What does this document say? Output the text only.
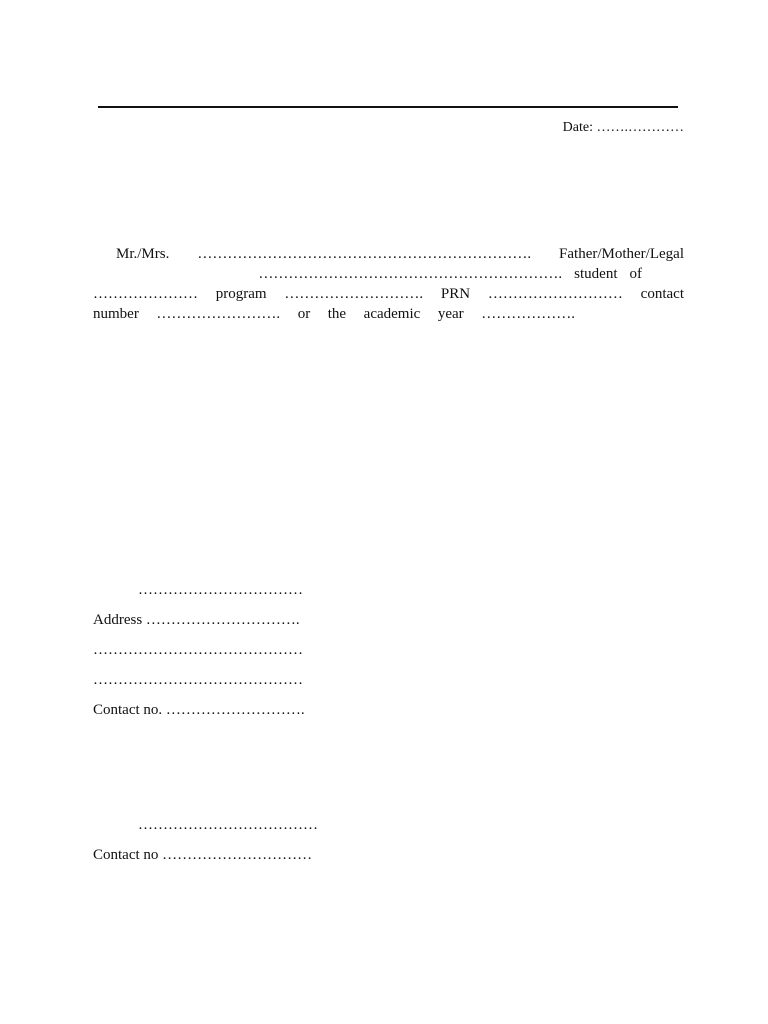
Date: …….…………
Mr./Mrs. …………………………………………………………. Father/Mother/Legal
……………………………………………………. student of
………………… program ………………………. PRN ……………………… contact
number ……………………. or the academic year ……………….
……………………………
Address ………………………….
……………………………………
……………………………………
Contact no. ……………………….
………………………………
Contact no …………………………
